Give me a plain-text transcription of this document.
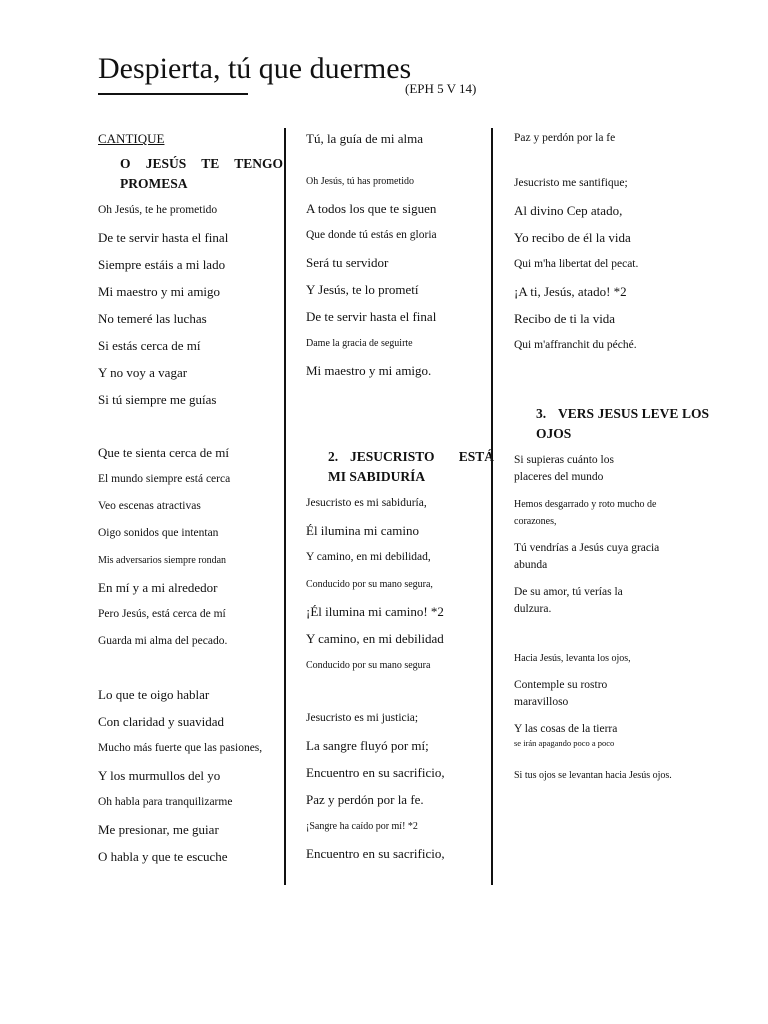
Despierta, tú que duermes
(EPH 5 V 14)
CANTIQUE
O JESÚS TE TENGO PROMESA
Oh Jesús, te he prometido
De te servir hasta el final
Siempre estáis a mi lado
Mi maestro y mi amigo
No temeré las luchas
Si estás cerca de mí
Y no voy a vagar
Si tú siempre me guías
Que te sienta cerca de mí
El mundo siempre está cerca
Veo escenas atractivas
Oigo sonidos que intentan
Mis adversarios siempre rondan
En mí y a mi alrededor
Pero Jesús, está cerca de mí
Guarda mi alma del pecado.
Lo que te oigo hablar
Con claridad y suavidad
Mucho más fuerte que las pasiones,
Y los murmullos del yo
Oh habla para tranquilizarme
Me presionar, me guiar
O habla y que te escuche
Tú, la guía de mi alma
Oh Jesús, tú has prometido
A todos los que te siguen
Que donde tú estás en gloria
Será tu servidor
Y Jesús, te lo prometí
De te servir hasta el final
Dame la gracia de seguirte
Mi maestro y mi amigo.
2. JESUCRISTO ESTÁ MI SABIDURÍA
Jesucristo es mi sabiduría,
Él ilumina mi camino
Y camino, en mi debilidad,
Conducido por su mano segura,
¡Él ilumina mi camino! *2
Y camino, en mi debilidad
Conducido por su mano segura
Jesucristo es mi justicia;
La sangre fluyó por mí;
Encuentro en su sacrificio,
Paz y perdón por la fe.
¡Sangre ha caído por mí! *2
Encuentro en su sacrificio,
Paz y perdón por la fe
Jesucristo me santifique;
Al divino Cep atado,
Yo recibo de él la vida
Qui m'ha libertat del pecat.
¡A ti, Jesús, atado! *2
Recibo de ti la vida
Qui m'affranchit du péché.
3. VERS JESUS LEVE LOS OJOS
Si supieras cuánto los placeres del mundo
Hemos desgarrado y roto mucho de corazones,
Tú vendrías a Jesús cuya gracia abunda
De su amor, tú verías la dulzura.
Hacia Jesús, levanta los ojos,
Contemple su rostro maravilloso
Y las cosas de la tierra
se irán apagando poco a poco
Si tus ojos se levantan hacia Jesús ojos.
